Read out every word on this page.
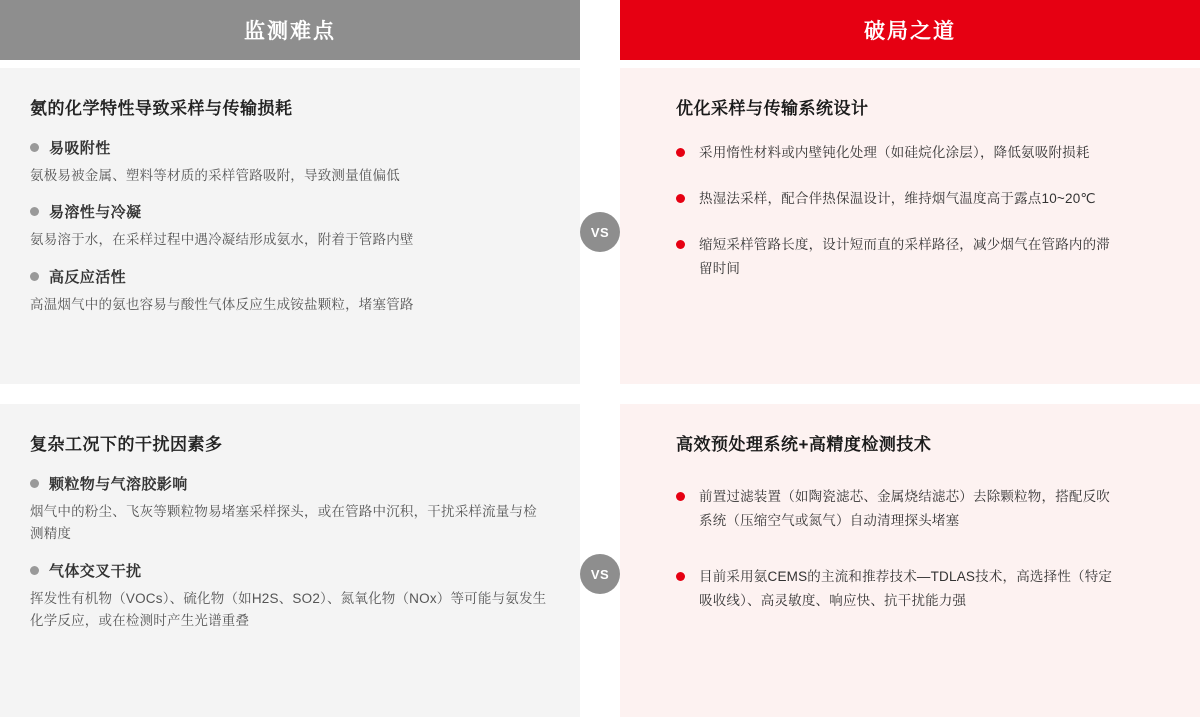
监测难点	破局之道
氨的化学特性导致采样与传输损耗
易吸附性
氨极易被金属、塑料等材质的采样管路吸附，导致测量值偏低
易溶性与冷凝
氨易溶于水，在采样过程中遇冷凝结形成氨水，附着于管路内壁
高反应活性
高温烟气中的氨也容易与酸性气体反应生成铵盐颗粒，堵塞管路
优化采样与传输系统设计
采用惰性材料或内壁钝化处理（如硅烷化涂层），降低氨吸附损耗
热湿法采样，配合伴热保温设计，维持烟气温度高于露点10~20℃
缩短采样管路长度，设计短而直的采样路径，减少烟气在管路内的滞留时间
复杂工况下的干扰因素多
颗粒物与气溶胶影响
烟气中的粉尘、飞灰等颗粒物易堵塞采样探头，或在管路中沉积，干扰采样流量与检测精度
气体交叉干扰
挥发性有机物（VOCs）、硫化物（如H2S、SO2）、氮氧化物（NOx）等可能与氨发生化学反应，或在检测时产生光谱重叠
高效预处理系统+高精度检测技术
前置过滤装置（如陶瓷滤芯、金属烧结滤芯）去除颗粒物，搭配反吹系统（压缩空气或氮气）自动清理探头堵塞
目前采用氨CEMS的主流和推荐技术—TDLAS技术，高选择性（特定吸收线）、高灵敏度、响应快、抗干扰能力强
VS
VS
